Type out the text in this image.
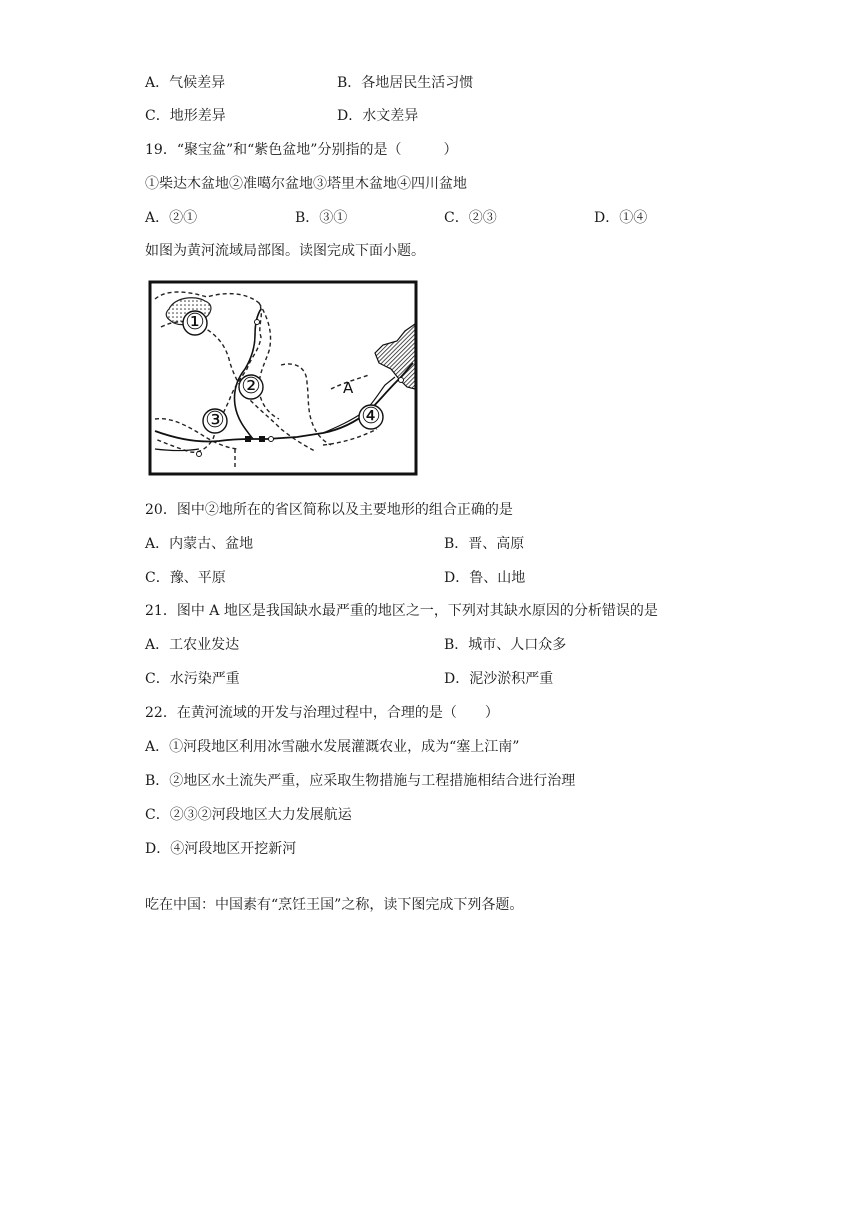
A．气候差异	B．各地居民生活习惯
C．地形差异	D．水文差异
19．“聚宝盆”和“紫色盆地”分别指的是（　　　）
①柴达木盆地②准噶尔盆地③塔里木盆地④四川盆地
A．②①	B．③①	C．②③	D．①④
如图为黄河流域局部图。读图完成下面小题。
①
②
③	④
A
20．图中②地所在的省区简称以及主要地形的组合正确的是
A．内蒙古、盆地	B．晋、高原
C．豫、平原	D．鲁、山地
21．图中 A 地区是我国缺水最严重的地区之一，下列对其缺水原因的分析错误的是
A．工农业发达	B．城市、人口众多
C．水污染严重	D．泥沙淤积严重
22．在黄河流域的开发与治理过程中，合理的是（　　）
A．①河段地区利用冰雪融水发展灌溉农业，成为“塞上江南”
B．②地区水土流失严重，应采取生物措施与工程措施相结合进行治理
C．②③②河段地区大力发展航运
D．④河段地区开挖新河
吃在中国：中国素有“烹饪王国”之称，读下图完成下列各题。
